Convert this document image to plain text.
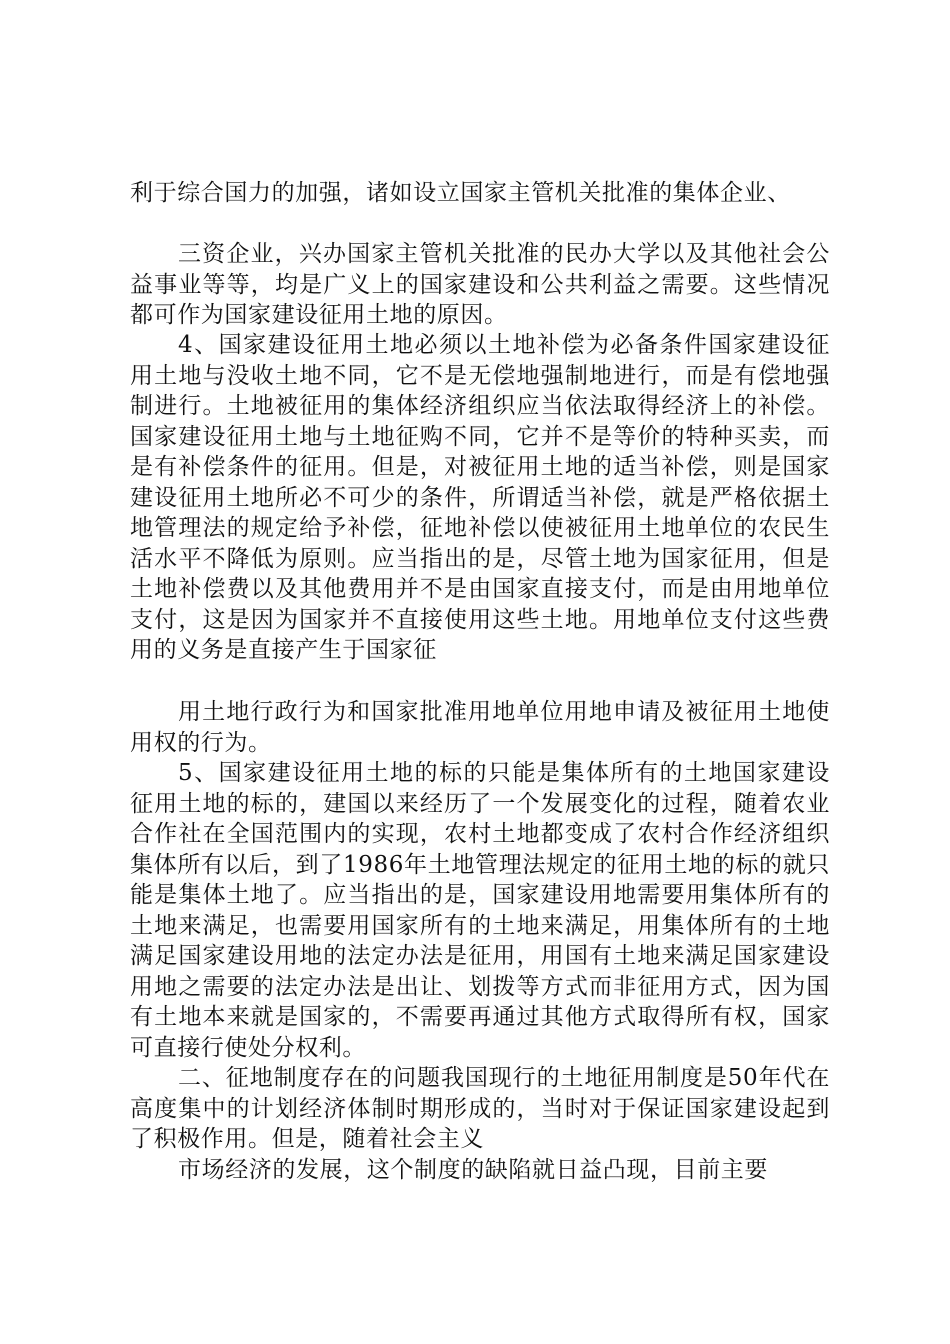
利于综合国力的加强，诸如设立国家主管机关批准的集体企业、

三资企业，兴办国家主管机关批准的民办大学以及其他社会公益事业等等，均是广义上的国家建设和公共利益之需要。这些情况都可作为国家建设征用土地的原因。

4、国家建设征用土地必须以土地补偿为必备条件国家建设征用土地与没收土地不同，它不是无偿地强制地进行，而是有偿地强制进行。土地被征用的集体经济组织应当依法取得经济上的补偿。国家建设征用土地与土地征购不同，它并不是等价的特种买卖，而是有补偿条件的征用。但是，对被征用土地的适当补偿，则是国家建设征用土地所必不可少的条件，所谓适当补偿，就是严格依据土地管理法的规定给予补偿，征地补偿以使被征用土地单位的农民生活水平不降低为原则。应当指出的是，尽管土地为国家征用，但是土地补偿费以及其他费用并不是由国家直接支付，而是由用地单位支付，这是因为国家并不直接使用这些土地。用地单位支付这些费用的义务是直接产生于国家征

用土地行政行为和国家批准用地单位用地申请及被征用土地使用权的行为。

5、国家建设征用土地的标的只能是集体所有的土地国家建设征用土地的标的，建国以来经历了一个发展变化的过程，随着农业合作社在全国范围内的实现，农村土地都变成了农村合作经济组织集体所有以后，到了1986年土地管理法规定的征用土地的标的就只能是集体土地了。应当指出的是，国家建设用地需要用集体所有的土地来满足，也需要用国家所有的土地来满足，用集体所有的土地满足国家建设用地的法定办法是征用，用国有土地来满足国家建设用地之需要的法定办法是出让、划拨等方式而非征用方式，因为国有土地本来就是国家的，不需要再通过其他方式取得所有权，国家可直接行使处分权利。

二、征地制度存在的问题我国现行的土地征用制度是50年代在高度集中的计划经济体制时期形成的，当时对于保证国家建设起到了积极作用。但是，随着社会主义

市场经济的发展，这个制度的缺陷就日益凸现，目前主要
